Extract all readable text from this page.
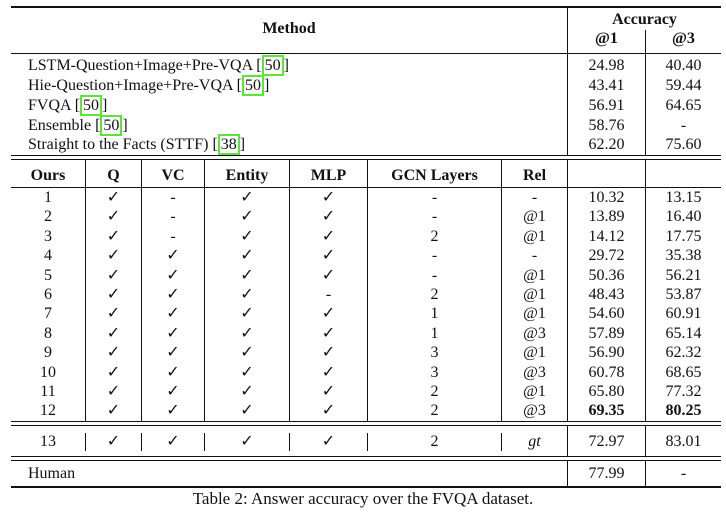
Method
Accuracy
@1	@3
LSTM-Question+Image+Pre-VQA [ 50 ]	24.98	40.40
Hie-Question+Image+Pre-VQA [ 50 ]	43.41	59.44
FVQA [ 50 ]	56.91	64.65
Ensemble [ 50 ]	58.76	-
Straight to the Facts (STTF) [ 38 ]	62.20	75.60
Ours	Q	VC	Entity	MLP	GCN Layers	Rel
1	✓	-	✓	✓	-	-	10.32	13.15
2	✓	-	✓	✓	-	@1	13.89	16.40
3	✓	-	✓	✓	2	@1	14.12	17.75
4	✓	✓	✓	✓	-	-	29.72	35.38
5	✓	✓	✓	✓	-	@1	50.36	56.21
6	✓	✓	✓	-	2	@1	48.43	53.87
7	✓	✓	✓	✓	1	@1	54.60	60.91
8	✓	✓	✓	✓	1	@3	57.89	65.14
9	✓	✓	✓	✓	3	@1	56.90	62.32
10	✓	✓	✓	✓	3	@3	60.78	68.65
11	✓	✓	✓	✓	2	@1	65.80	77.32
12	✓	✓	✓	✓	2	@3	69.35	80.25
13	✓	✓	✓	✓	2	gt	72.97	83.01
Human	77.99	-
Table 2: Answer accuracy over the FVQA dataset.
